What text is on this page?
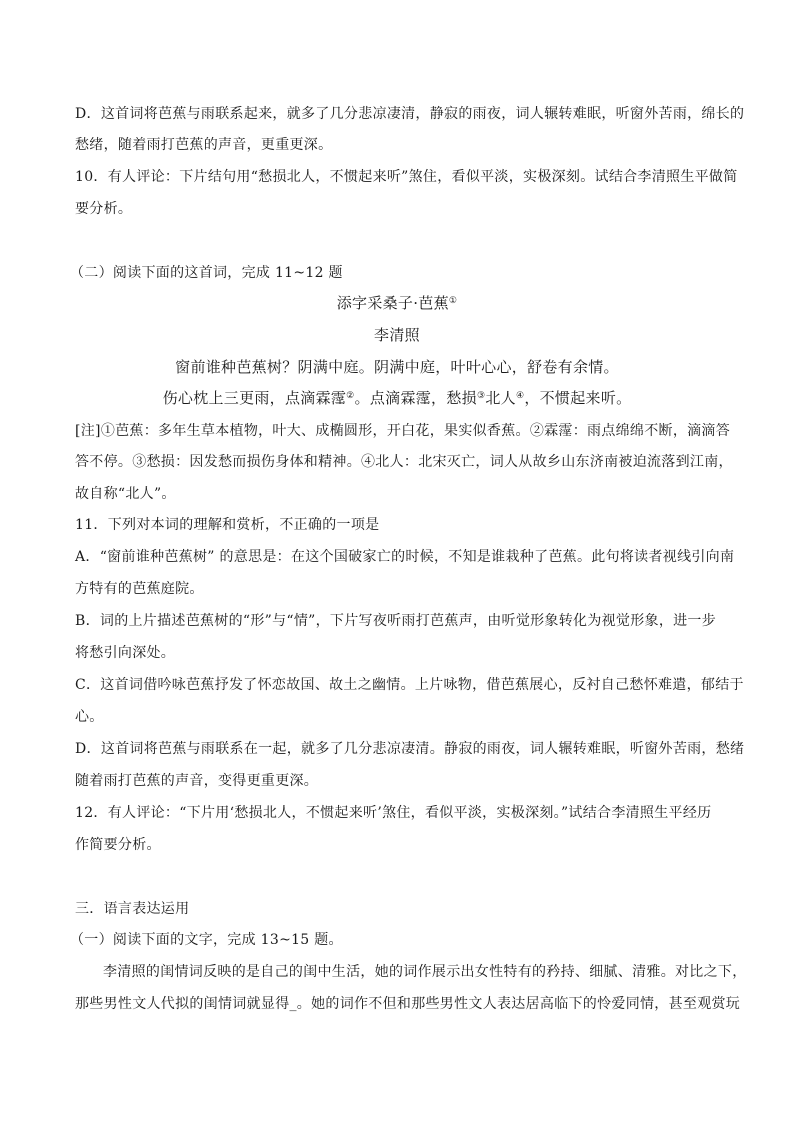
D．这首词将芭蕉与雨联系起来，就多了几分悲凉凄清，静寂的雨夜，词人辗转难眠，听窗外苦雨，绵长的
愁绪，随着雨打芭蕉的声音，更重更深。
10．有人评论：下片结句用“愁损北人，不惯起来听”煞住，看似平淡，实极深刻。试结合李清照生平做简
要分析。
（二）阅读下面的这首词，完成 11~12 题
添字采桑子·芭蕉①
李清照
窗前谁种芭蕉树？阴满中庭。阴满中庭，叶叶心心，舒卷有余情。
伤心枕上三更雨，点滴霖霪②。点滴霖霪，愁损③北人④，不惯起来听。
[注]①芭蕉：多年生草本植物，叶大、成椭圆形，开白花，果实似香蕉。②霖霪：雨点绵绵不断，滴滴答
答不停。③愁损：因发愁而损伤身体和精神。④北人：北宋灭亡，词人从故乡山东济南被迫流落到江南，
故自称“北人”。
11．下列对本词的理解和赏析，不正确的一项是
A．“窗前谁种芭蕉树” 的意思是：在这个国破家亡的时候，不知是谁栽种了芭蕉。此句将读者视线引向南
方特有的芭蕉庭院。
B．词的上片描述芭蕉树的“形”与“情”，下片写夜听雨打芭蕉声，由听觉形象转化为视觉形象，进一步
将愁引向深处。
C．这首词借吟咏芭蕉抒发了怀恋故国、故土之幽情。上片咏物，借芭蕉展心，反衬自己愁怀难遣，郁结于
心。
D．这首词将芭蕉与雨联系在一起，就多了几分悲凉凄清。静寂的雨夜，词人辗转难眠，听窗外苦雨，愁绪
随着雨打芭蕉的声音，变得更重更深。
12．有人评论：“下片用‘愁损北人，不惯起来听’煞住，看似平淡，实极深刻。”试结合李清照生平经历
作简要分析。
三．语言表达运用
（一）阅读下面的文字，完成 13~15 题。
李清照的闺情词反映的是自己的闺中生活，她的词作展示出女性特有的矜持、细腻、清雅。对比之下，
那些男性文人代拟的闺情词就显得_。她的词作不但和那些男性文人表达居高临下的怜爱同情，甚至观赏玩
